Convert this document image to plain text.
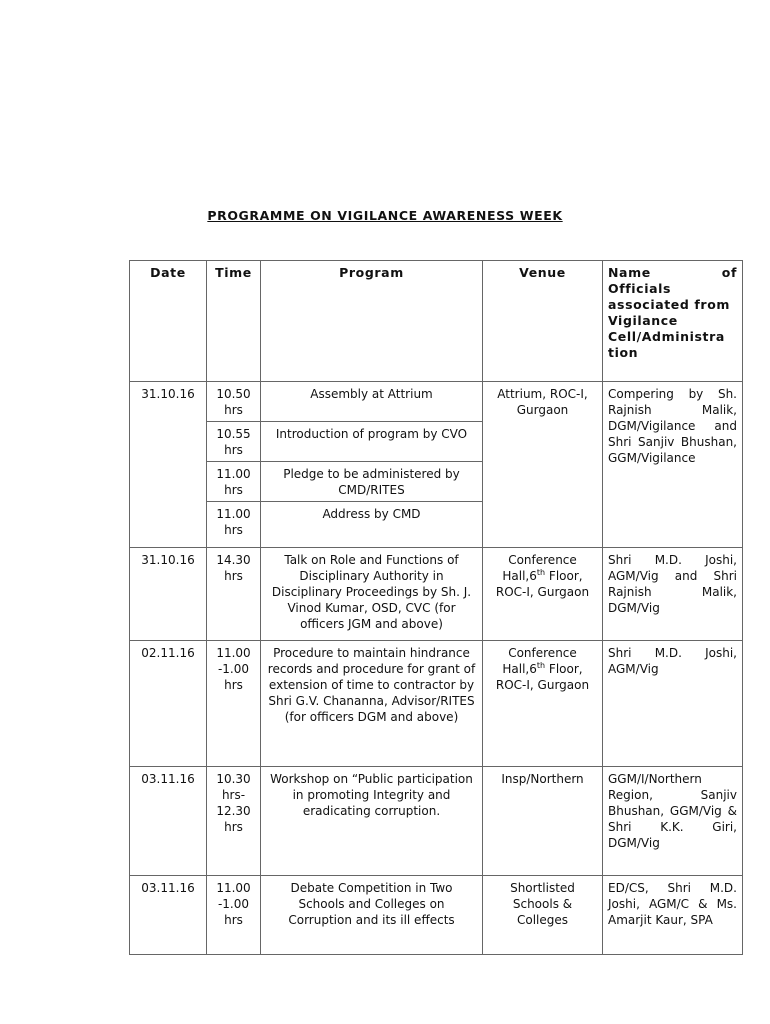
PROGRAMME ON VIGILANCE AWARENESS WEEK
Date	Time	Program	Venue	Name of
Officials associated from Vigilance Cell/Administra tion
31.10.16	10.50 hrs	Assembly at Attrium	Attrium, ROC-I, Gurgaon	Compering by Sh. Rajnish Malik, DGM/Vigilance and Shri Sanjiv Bhushan, GGM/Vigilance
	10.55 hrs	Introduction of program by CVO		
	11.00 hrs	Pledge to be administered by CMD/RITES		
	11.00 hrs	Address by CMD		
31.10.16	14.30 hrs	Talk on Role and Functions of Disciplinary Authority in Disciplinary Proceedings by Sh. J. Vinod Kumar, OSD, CVC (for officers JGM and above)	Conference Hall,6th Floor, ROC-I, Gurgaon	Shri M.D. Joshi, AGM/Vig and Shri Rajnish Malik, DGM/Vig
02.11.16	11.00 -1.00 hrs	Procedure to maintain hindrance records and procedure for grant of extension of time to contractor by Shri G.V. Chananna, Advisor/RITES (for officers DGM and above)	Conference Hall,6th Floor, ROC-I, Gurgaon	Shri M.D. Joshi, AGM/Vig
03.11.16	10.30 hrs- 12.30 hrs	Workshop on “Public participation in promoting Integrity and eradicating corruption.	Insp/Northern	GGM/I/Northern Region, Sanjiv Bhushan, GGM/Vig & Shri K.K. Giri, DGM/Vig
03.11.16	11.00 -1.00 hrs	Debate Competition in Two Schools and Colleges on Corruption and its ill effects	Shortlisted Schools & Colleges	ED/CS, Shri M.D. Joshi, AGM/C & Ms. Amarjit Kaur, SPA
